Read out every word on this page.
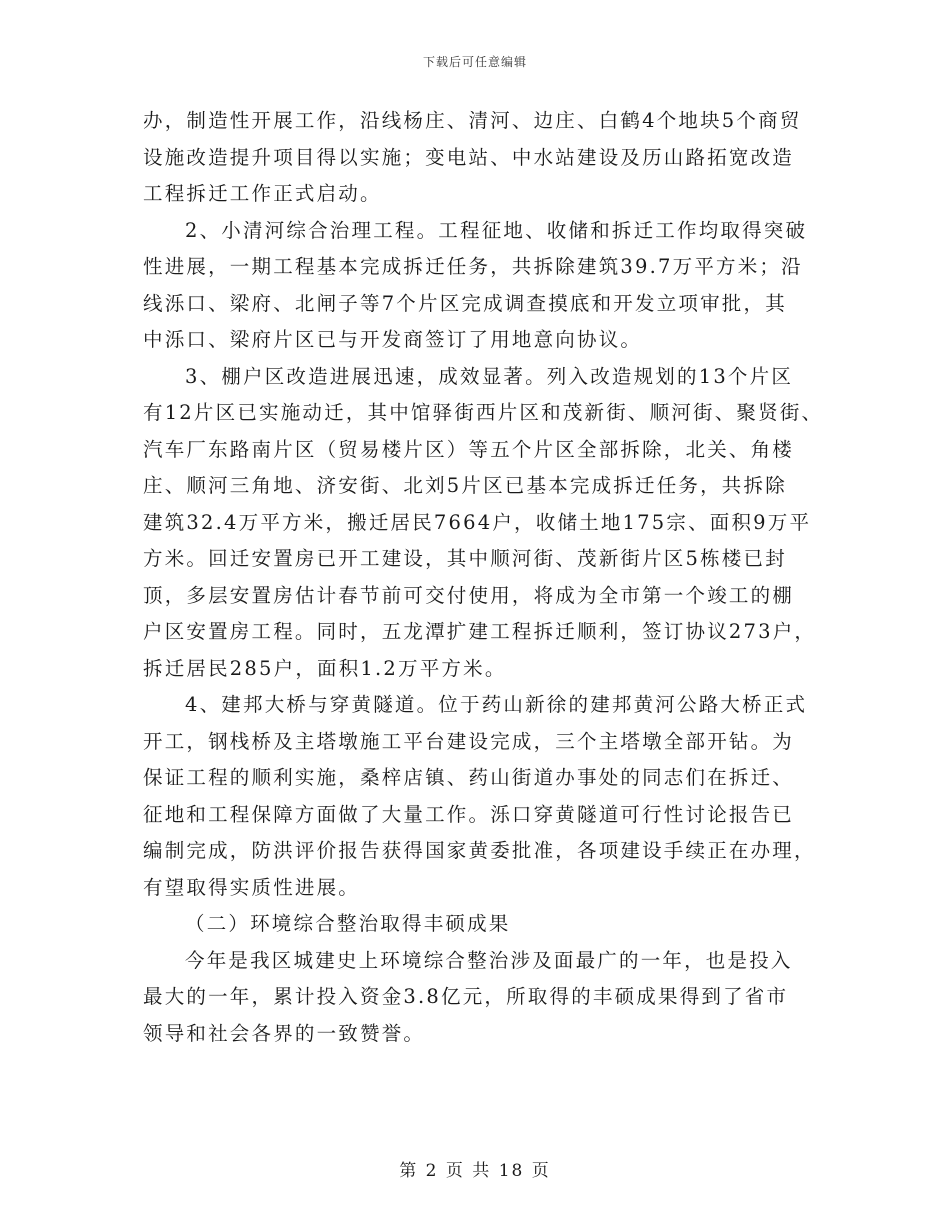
下载后可任意编辑
办，制造性开展工作，沿线杨庄、清河、边庄、白鹤4个地块5个商贸
设施改造提升项目得以实施；变电站、中水站建设及历山路拓宽改造
工程拆迁工作正式启动。
2、小清河综合治理工程。工程征地、收储和拆迁工作均取得突破
性进展，一期工程基本完成拆迁任务，共拆除建筑39.7万平方米；沿
线泺口、梁府、北闸子等7个片区完成调查摸底和开发立项审批，其
中泺口、梁府片区已与开发商签订了用地意向协议。
3、棚户区改造进展迅速，成效显著。列入改造规划的13个片区
有12片区已实施动迁，其中馆驿街西片区和茂新街、顺河街、聚贤街、
汽车厂东路南片区（贸易楼片区）等五个片区全部拆除，北关、角楼
庄、顺河三角地、济安街、北刘5片区已基本完成拆迁任务，共拆除
建筑32.4万平方米，搬迁居民7664户，收储土地175宗、面积9万平
方米。回迁安置房已开工建设，其中顺河街、茂新街片区5栋楼已封
顶，多层安置房估计春节前可交付使用，将成为全市第一个竣工的棚
户区安置房工程。同时，五龙潭扩建工程拆迁顺利，签订协议273户，
拆迁居民285户，面积1.2万平方米。
4、建邦大桥与穿黄隧道。位于药山新徐的建邦黄河公路大桥正式
开工，钢栈桥及主塔墩施工平台建设完成，三个主塔墩全部开钻。为
保证工程的顺利实施，桑梓店镇、药山街道办事处的同志们在拆迁、
征地和工程保障方面做了大量工作。泺口穿黄隧道可行性讨论报告已
编制完成，防洪评价报告获得国家黄委批准，各项建设手续正在办理，
有望取得实质性进展。
（二）环境综合整治取得丰硕成果
今年是我区城建史上环境综合整治涉及面最广的一年，也是投入
最大的一年，累计投入资金3.8亿元，所取得的丰硕成果得到了省市
领导和社会各界的一致赞誉。
第 2 页 共 18 页
